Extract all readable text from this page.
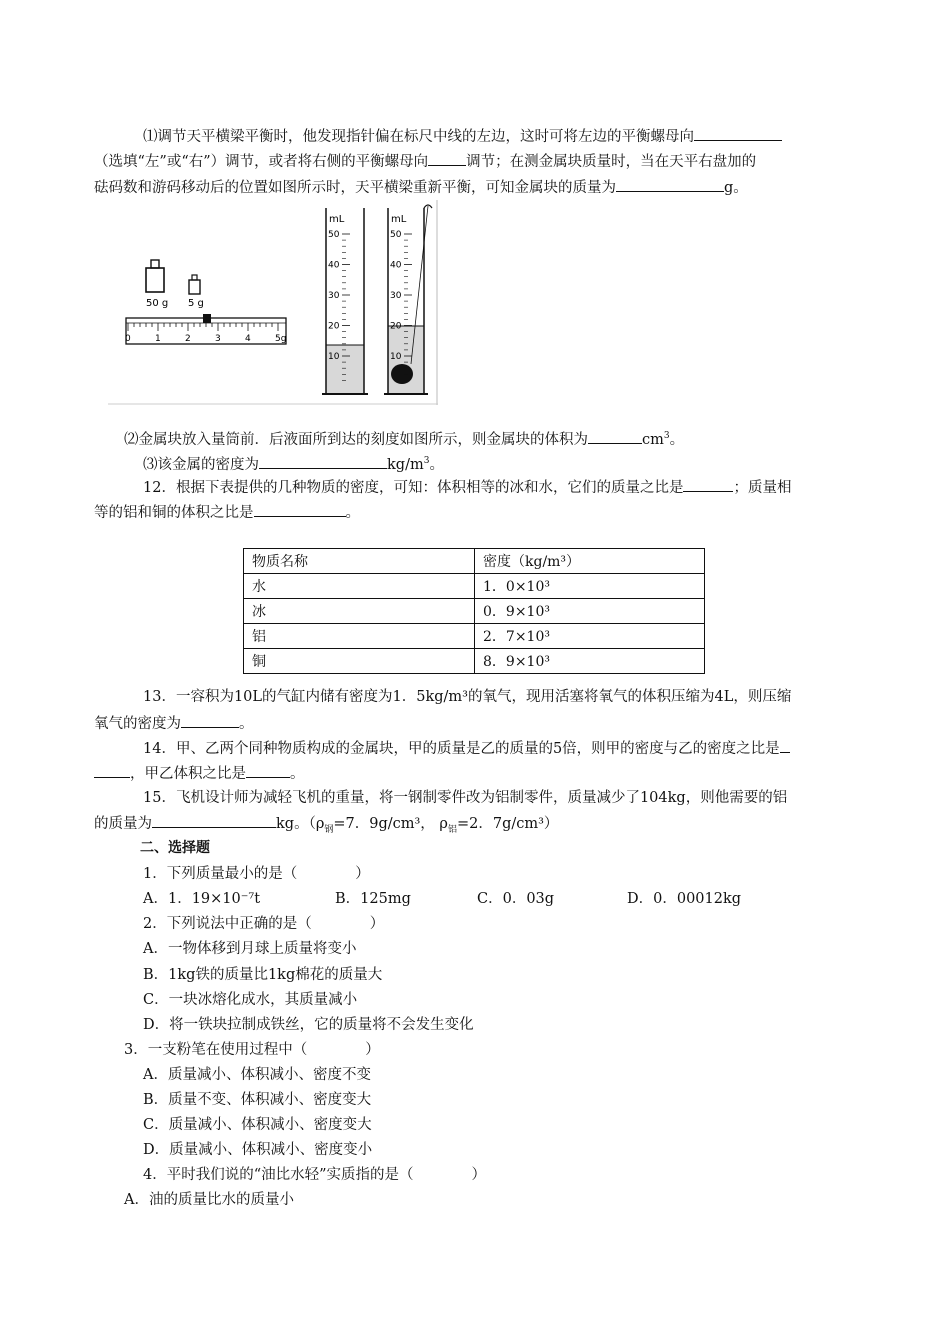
⑴调节天平横梁平衡时，他发现指针偏在标尺中线的左边，这时可将左边的平衡螺母向
（选填“左”或“右”）调节，或者将右侧的平衡螺母向	调节；在测金属块质量时，当在天平右盘加的
砝码数和游码移动后的位置如图所示时，天平横梁重新平衡，可知金属块的质量为	g。
50 g 5 g
0	1	2	3	4	5g
mL
50
40
30
20
10
mL
50
40
30
20
10
⑵金属块放入量筒前．后液面所到达的刻度如图所示，则金属块的体积为	$cm^3$。
⑶该金属的密度为	$kg/m^3$。
12．根据下表提供的几种物质的密度，可知：体积相等的冰和水，它们的质量之比是	；质量相
等的铝和铜的体积之比是	。
物质名称	密度（kg/m³）
水	1．0×10³
冰	0．9×10³
铝	2．7×10³
铜	8．9×10³
13．一容积为10L的气缸内储有密度为1．5kg/m³的氧气，现用活塞将氧气的体积压缩为4L，则压缩
氧气的密度为	。
14．甲、乙两个同种物质构成的金属块，甲的质量是乙的质量的5倍，则甲的密度与乙的密度之比是
，甲乙体积之比是	。
15．飞机设计师为减轻飞机的重量，将一钢制零件改为铝制零件，质量减少了104kg，则他需要的铝
的质量为	kg。（$\rho_钢=7$．9g/cm³， $\rho_铝=2$．7g/cm³）
二、选择题
1．下列质量最小的是（　　　　）
A．1．19×10⁻⁷t	B．125mg	C．0．03g	D．0．00012kg
2．下列说法中正确的是（　　　　）
A．一物体移到月球上质量将变小
B．1kg铁的质量比1kg棉花的质量大
C．一块冰熔化成水，其质量减小
D．将一铁块拉制成铁丝，它的质量将不会发生变化
3．一支粉笔在使用过程中（　　　　）
A．质量减小、体积减小、密度不变
B．质量不变、体积减小、密度变大
C．质量减小、体积减小、密度变大
D．质量减小、体积减小、密度变小
4．平时我们说的“油比水轻”实质指的是（　　　　）
A．油的质量比水的质量小
